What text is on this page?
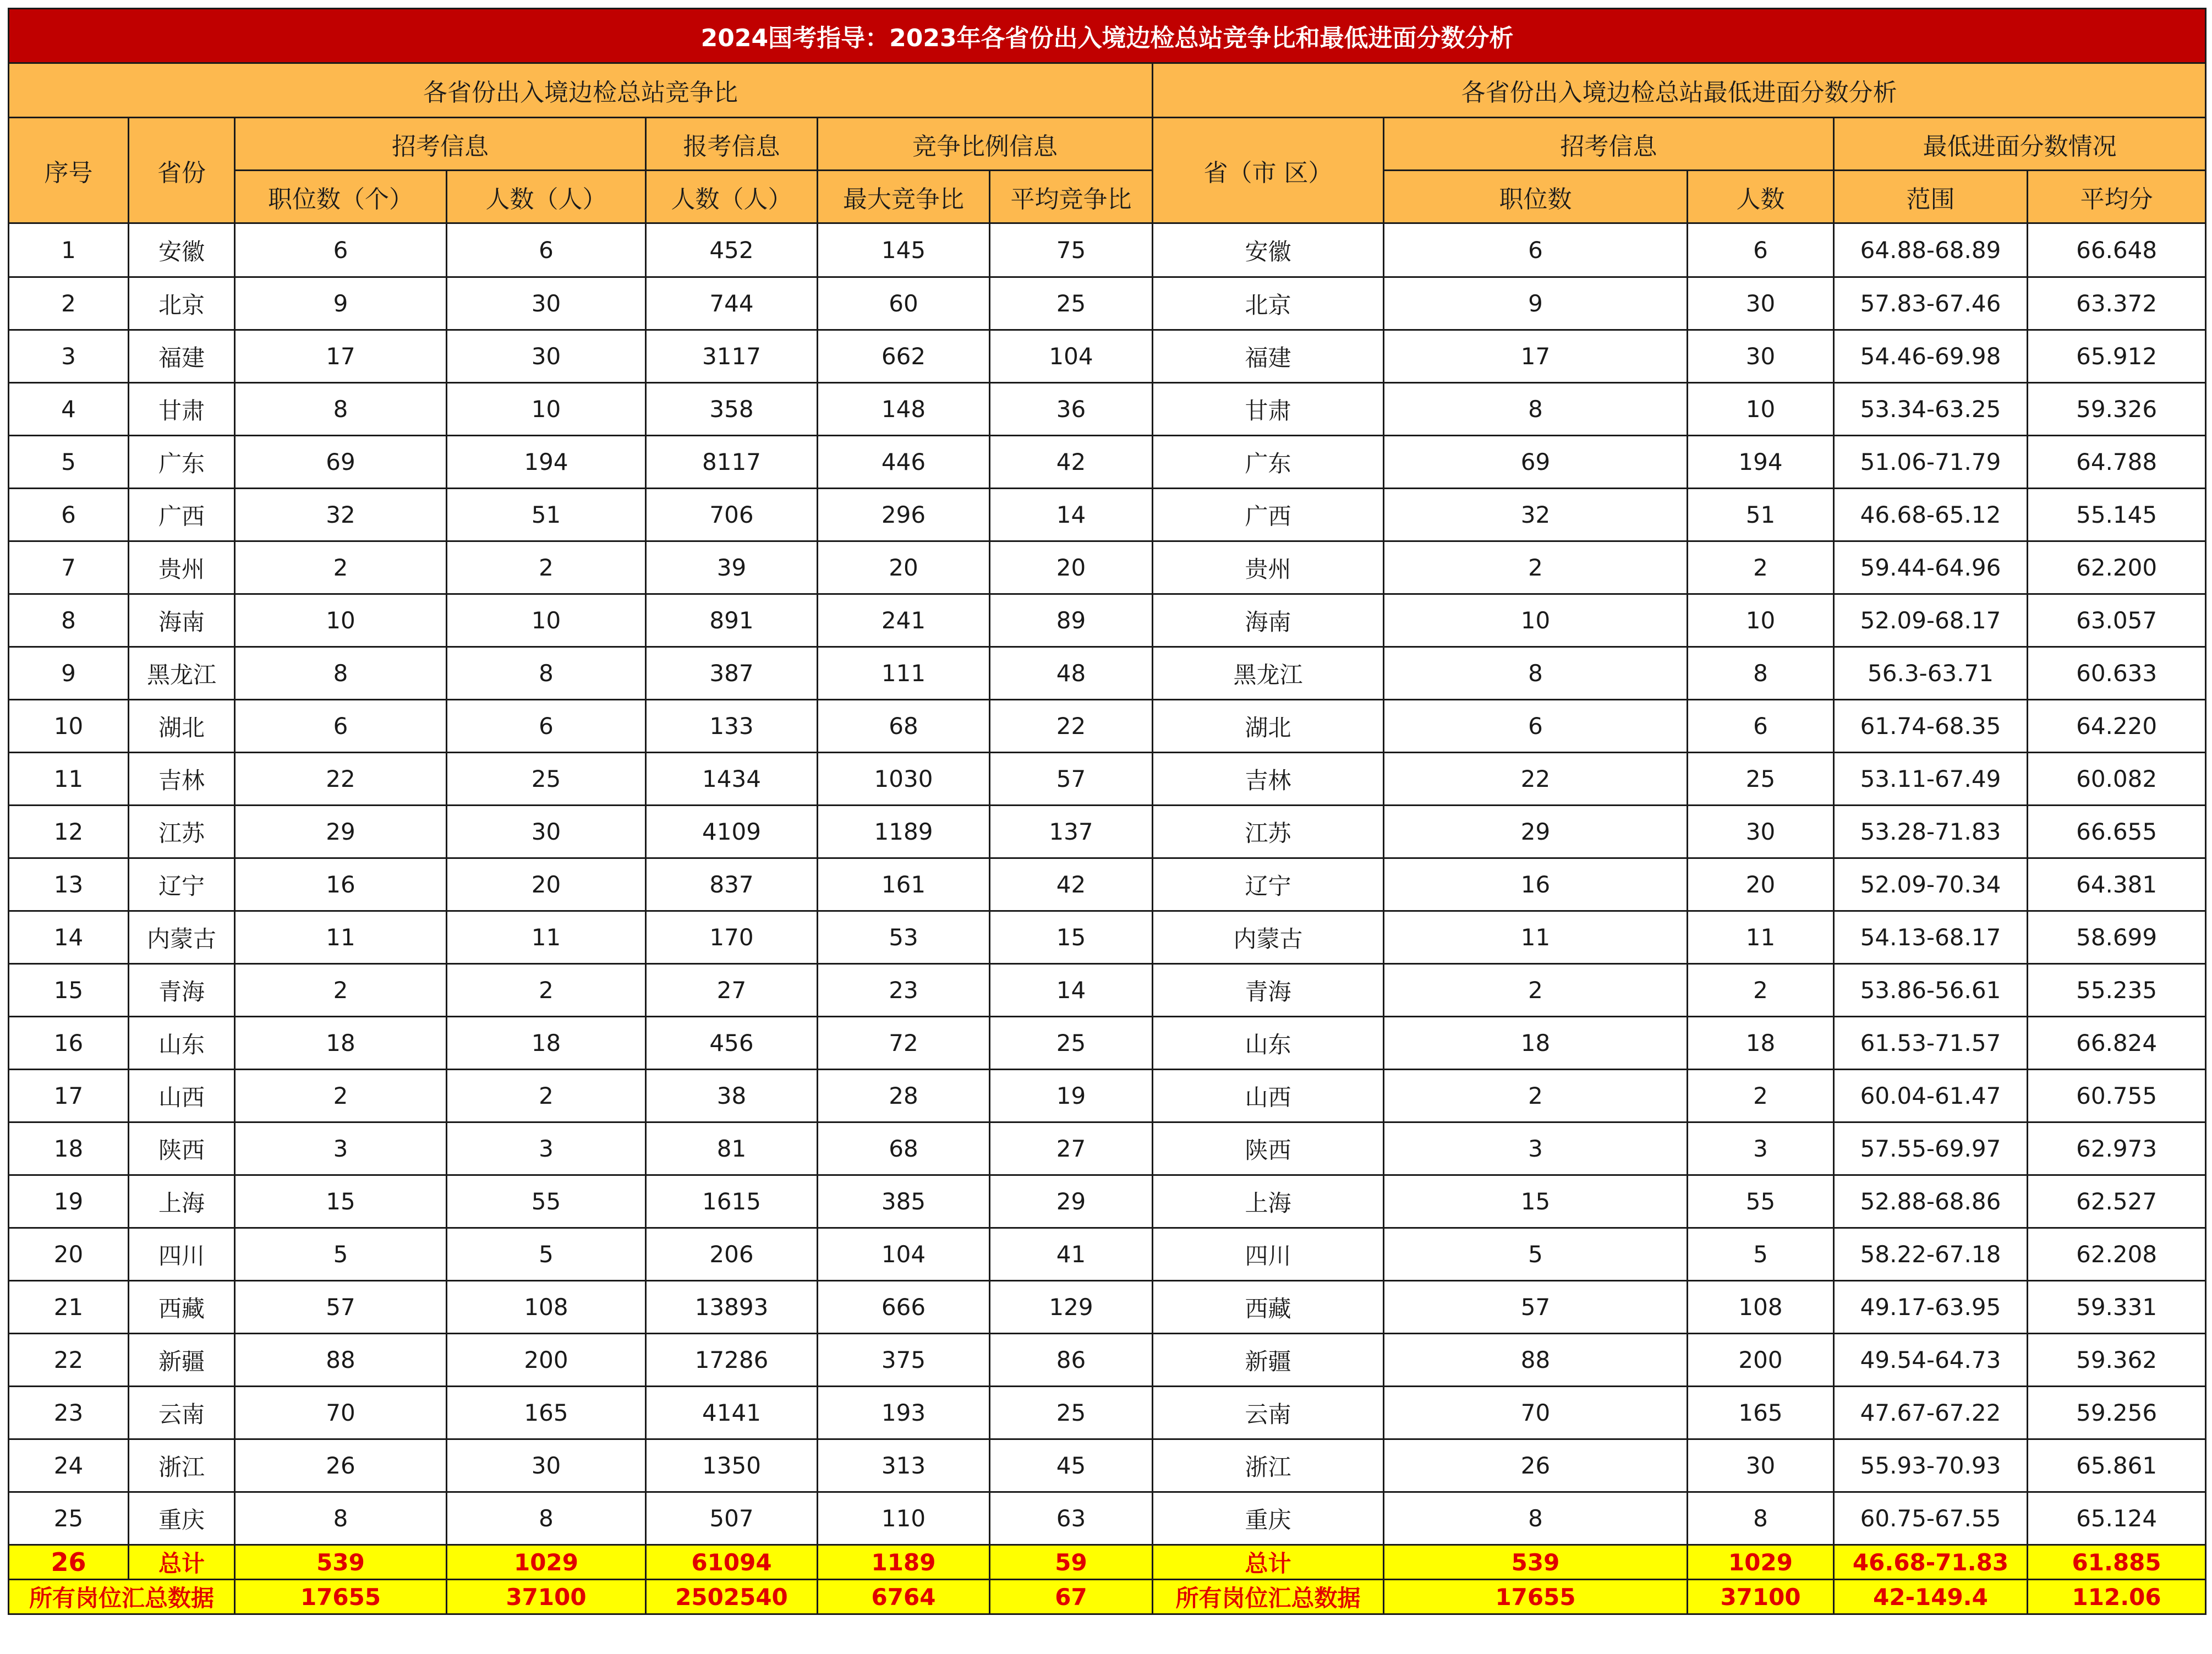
2024国考指导：2023年各省份出入境边检总站竞争比和最低进面分数分析											
各省份出入境边检总站竞争比							各省份出入境边检总站最低进面分数分析				
序号	省份	招考信息		报考信息	竞争比例信息		省（市 区）	招考信息		最低进面分数情况	
		职位数（个）	人数（人）	人数（人）	最大竞争比	平均竞争比		职位数	人数	范围	平均分
1	安徽	6	6	452	145	75	安徽	6	6	64.88-68.89	66.648
2	北京	9	30	744	60	25	北京	9	30	57.83-67.46	63.372
3	福建	17	30	3117	662	104	福建	17	30	54.46-69.98	65.912
4	甘肃	8	10	358	148	36	甘肃	8	10	53.34-63.25	59.326
5	广东	69	194	8117	446	42	广东	69	194	51.06-71.79	64.788
6	广西	32	51	706	296	14	广西	32	51	46.68-65.12	55.145
7	贵州	2	2	39	20	20	贵州	2	2	59.44-64.96	62.200
8	海南	10	10	891	241	89	海南	10	10	52.09-68.17	63.057
9	黑龙江	8	8	387	111	48	黑龙江	8	8	56.3-63.71	60.633
10	湖北	6	6	133	68	22	湖北	6	6	61.74-68.35	64.220
11	吉林	22	25	1434	1030	57	吉林	22	25	53.11-67.49	60.082
12	江苏	29	30	4109	1189	137	江苏	29	30	53.28-71.83	66.655
13	辽宁	16	20	837	161	42	辽宁	16	20	52.09-70.34	64.381
14	内蒙古	11	11	170	53	15	内蒙古	11	11	54.13-68.17	58.699
15	青海	2	2	27	23	14	青海	2	2	53.86-56.61	55.235
16	山东	18	18	456	72	25	山东	18	18	61.53-71.57	66.824
17	山西	2	2	38	28	19	山西	2	2	60.04-61.47	60.755
18	陕西	3	3	81	68	27	陕西	3	3	57.55-69.97	62.973
19	上海	15	55	1615	385	29	上海	15	55	52.88-68.86	62.527
20	四川	5	5	206	104	41	四川	5	5	58.22-67.18	62.208
21	西藏	57	108	13893	666	129	西藏	57	108	49.17-63.95	59.331
22	新疆	88	200	17286	375	86	新疆	88	200	49.54-64.73	59.362
23	云南	70	165	4141	193	25	云南	70	165	47.67-67.22	59.256
24	浙江	26	30	1350	313	45	浙江	26	30	55.93-70.93	65.861
25	重庆	8	8	507	110	63	重庆	8	8	60.75-67.55	65.124
26	总计	539	1029	61094	1189	59	总计	539	1029	46.68-71.83	61.885
所有岗位汇总数据		17655	37100	2502540	6764	67	所有岗位汇总数据	17655	37100	42-149.4	112.06
